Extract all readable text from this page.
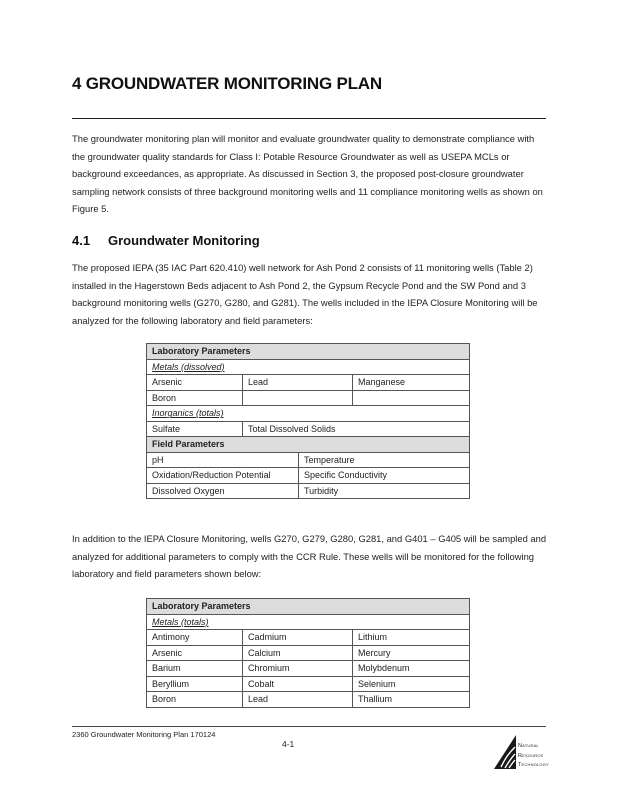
4 GROUNDWATER MONITORING PLAN
The groundwater monitoring plan will monitor and evaluate groundwater quality to demonstrate compliance with the groundwater quality standards for Class I: Potable Resource Groundwater as well as USEPA MCLs or background exceedances, as appropriate. As discussed in Section 3, the proposed post-closure groundwater sampling network consists of three background monitoring wells and 11 compliance monitoring wells as shown on Figure 5.
4.1 Groundwater Monitoring
The proposed IEPA (35 IAC Part 620.410) well network for Ash Pond 2 consists of 11 monitoring wells (Table 2) installed in the Hagerstown Beds adjacent to Ash Pond 2, the Gypsum Recycle Pond and the SW Pond and 3 background monitoring wells (G270, G280, and G281). The wells included in the IEPA Closure Monitoring will be analyzed for the following laboratory and field parameters:
Laboratory Parameters			
Metals (dissolved)			
Arsenic	Lead		Manganese
Boron			
Inorganics (totals)			
Sulfate	Total Dissolved Solids		
Field Parameters			
pH		Temperature	
Oxidation/Reduction Potential		Specific Conductivity	
Dissolved Oxygen		Turbidity	
In addition to the IEPA Closure Monitoring, wells G270, G279, G280, G281, and G401 – G405 will be sampled and analyzed for additional parameters to comply with the CCR Rule. These wells will be monitored for the following laboratory and field parameters shown below:
Laboratory Parameters		
Metals (totals)		
Antimony	Cadmium	Lithium
Arsenic	Calcium	Mercury
Barium	Chromium	Molybdenum
Beryllium	Cobalt	Selenium
Boron	Lead	Thallium
2360 Groundwater Monitoring Plan 170124
4-1	Natural
Resource
Technology
